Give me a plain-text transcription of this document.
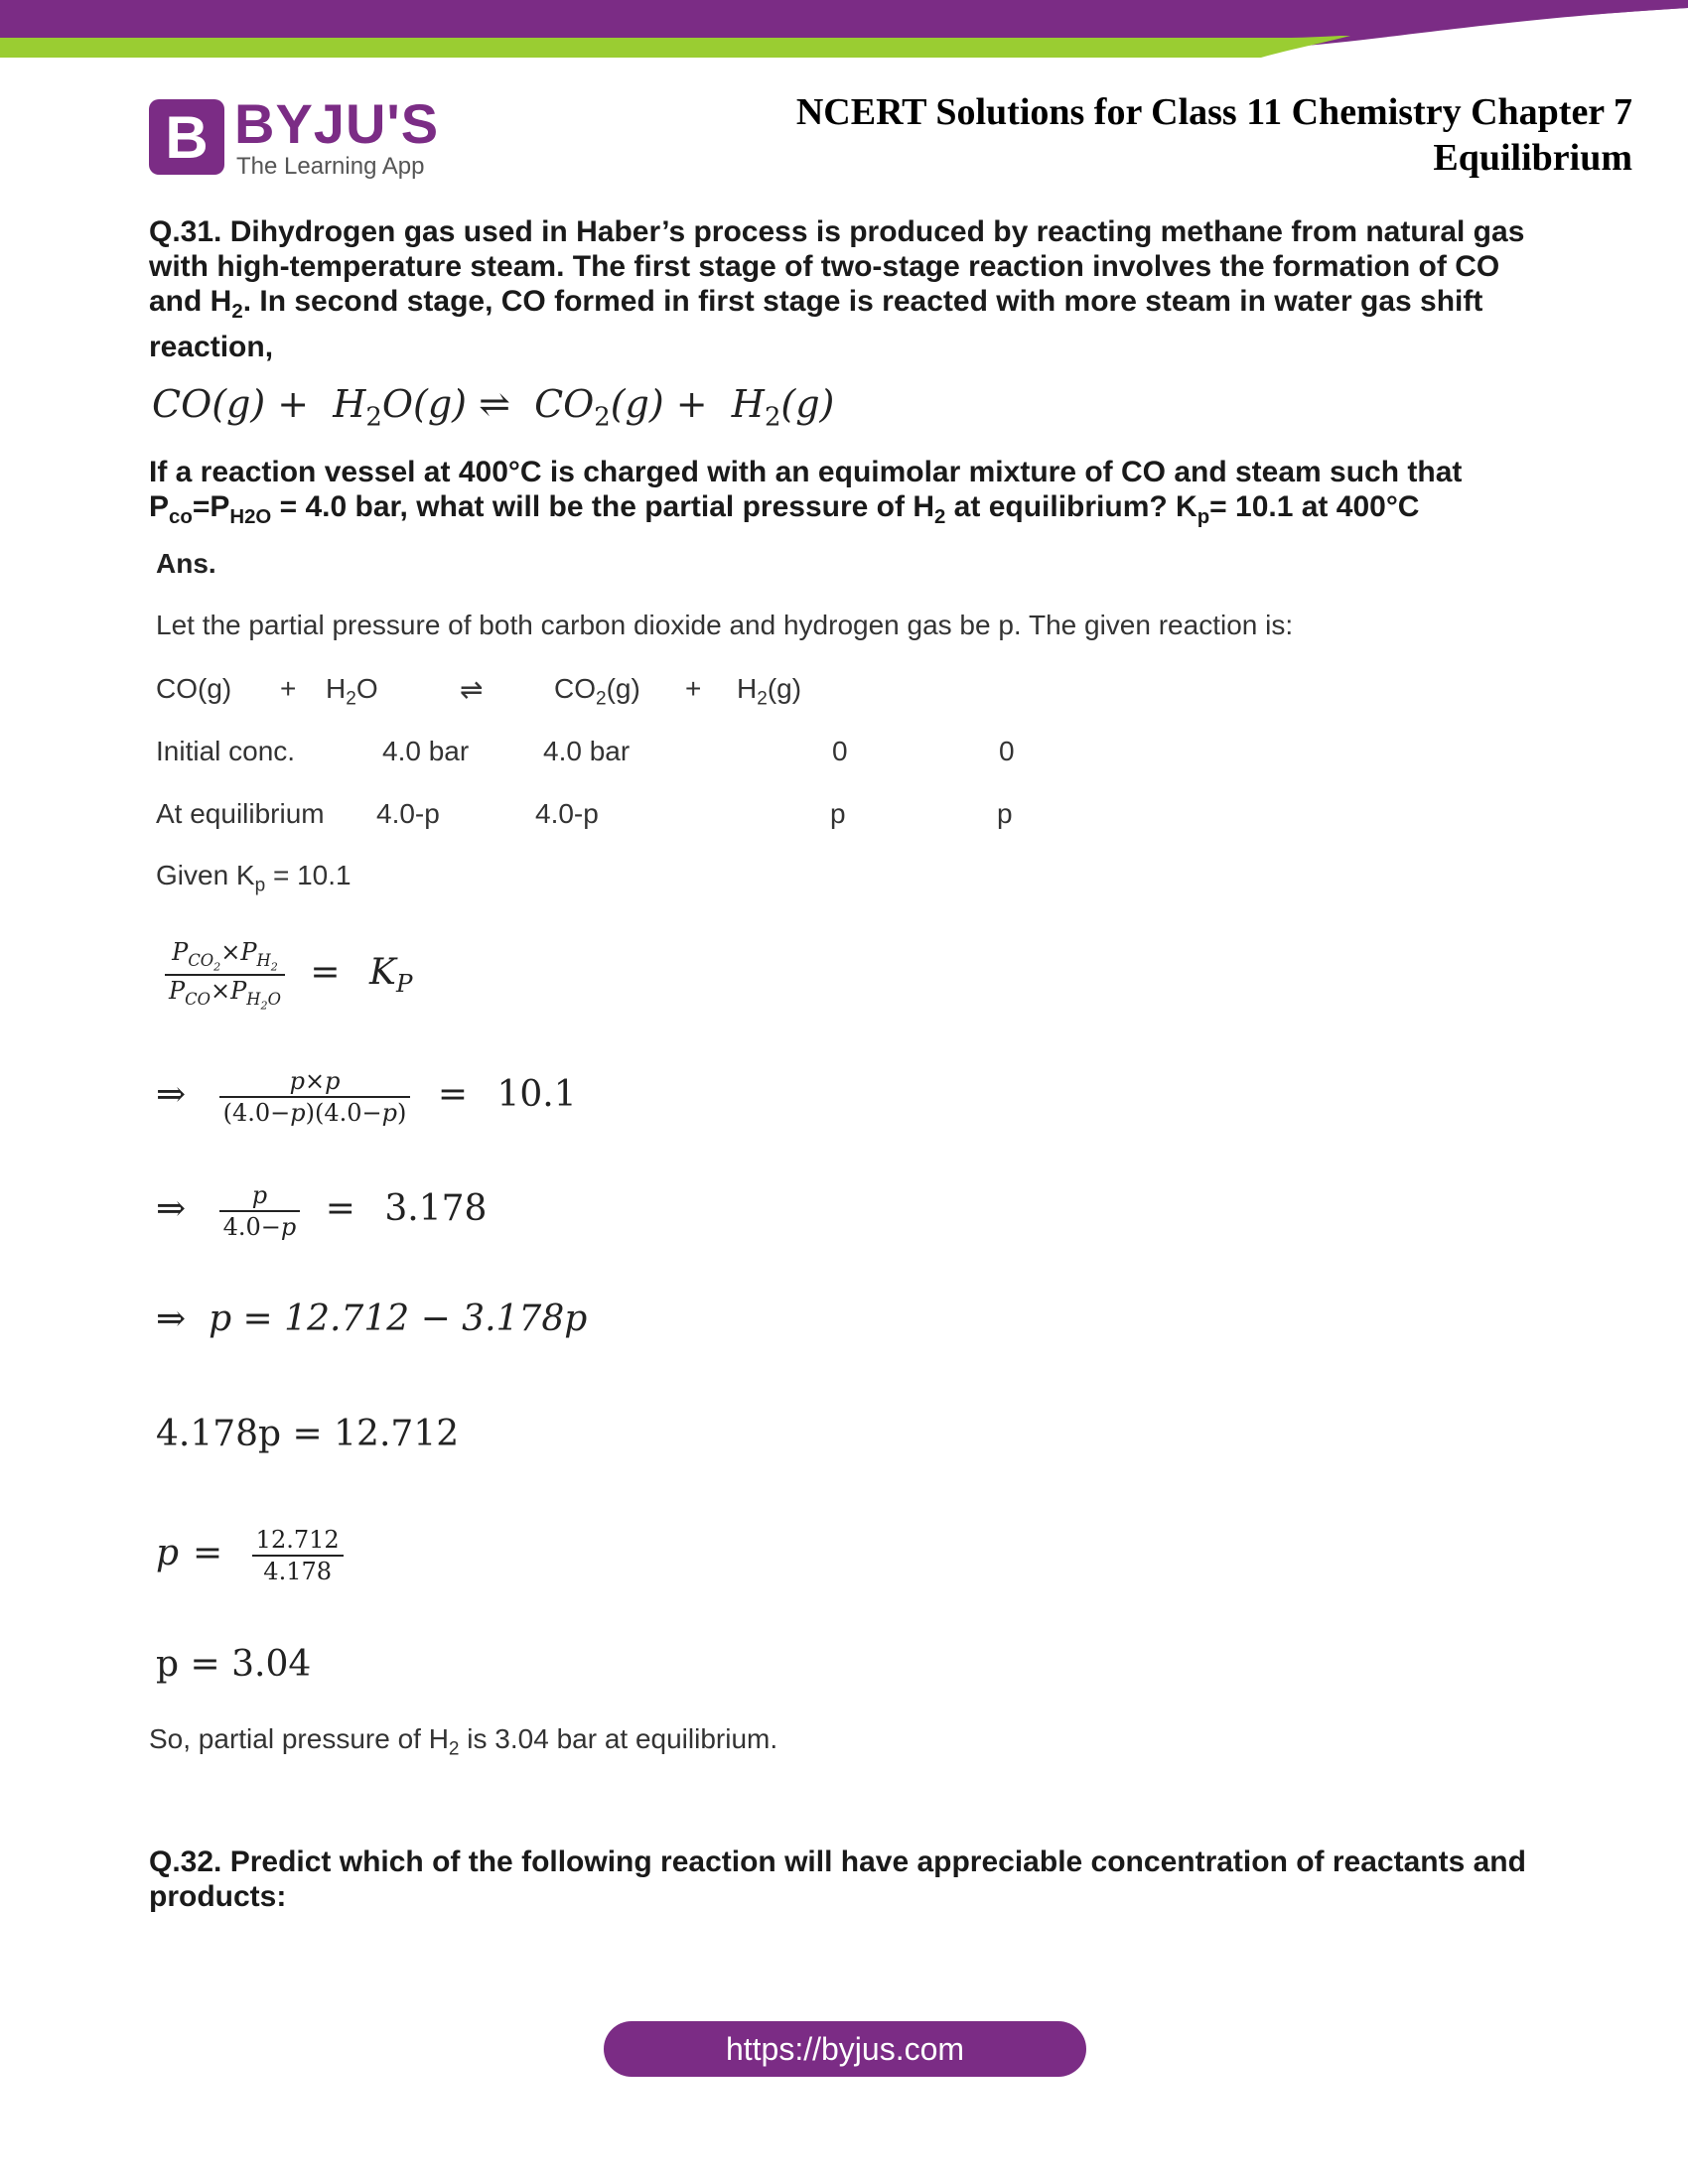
B BYJU'S
The Learning App
NCERT Solutions for Class 11 Chemistry Chapter 7
Equilibrium
Q.31. Dihydrogen gas used in Haber’s process is produced by reacting methane from natural gas with high-temperature steam. The first stage of two-stage reaction involves the formation of CO and $H_2$. In second stage, CO formed in first stage is reacted with more steam in water gas shift reaction,
$CO(g) + H_2O(g)$ ⇌  $CO_2(g) + H_2(g)$
If a reaction vessel at 400°C is charged with an equimolar mixture of CO and steam such that $P_{co}=P_{H2O} = 4.0$ bar, what will be the partial pressure of $H_2$ at equilibrium? $K_p= 10.1$ at 400°C
Ans.
Let the partial pressure of both carbon dioxide and hydrogen gas be p. The given reaction is:
$CO(g) + H_2O$	⇌	$CO_2(g) + H_2(g)$
Initial conc.	4.0 bar	4.0 bar	0	0
At equilibrium 4.0-p	4.0-p	p	p
Given $K_p = 10.1$
$\frac{P_{CO_2}\times P_{H_2}}{P_{CO}\times P_{H_2O}} = K_P$
⇒ $\frac{p\times p}{(4.0-p)(4.0-p)} = 10.1$
⇒ $\frac{p}{4.0-p} = 3.178$
⇒  p = 12.712 − 3.178p
4.178p = 12.712
$p = \frac{12.712}{4.178}$
p = 3.04
So, partial pressure of $H_2$ is 3.04 bar at equilibrium.
Q.32. Predict which of the following reaction will have appreciable concentration of reactants and products:
https://byjus.com
